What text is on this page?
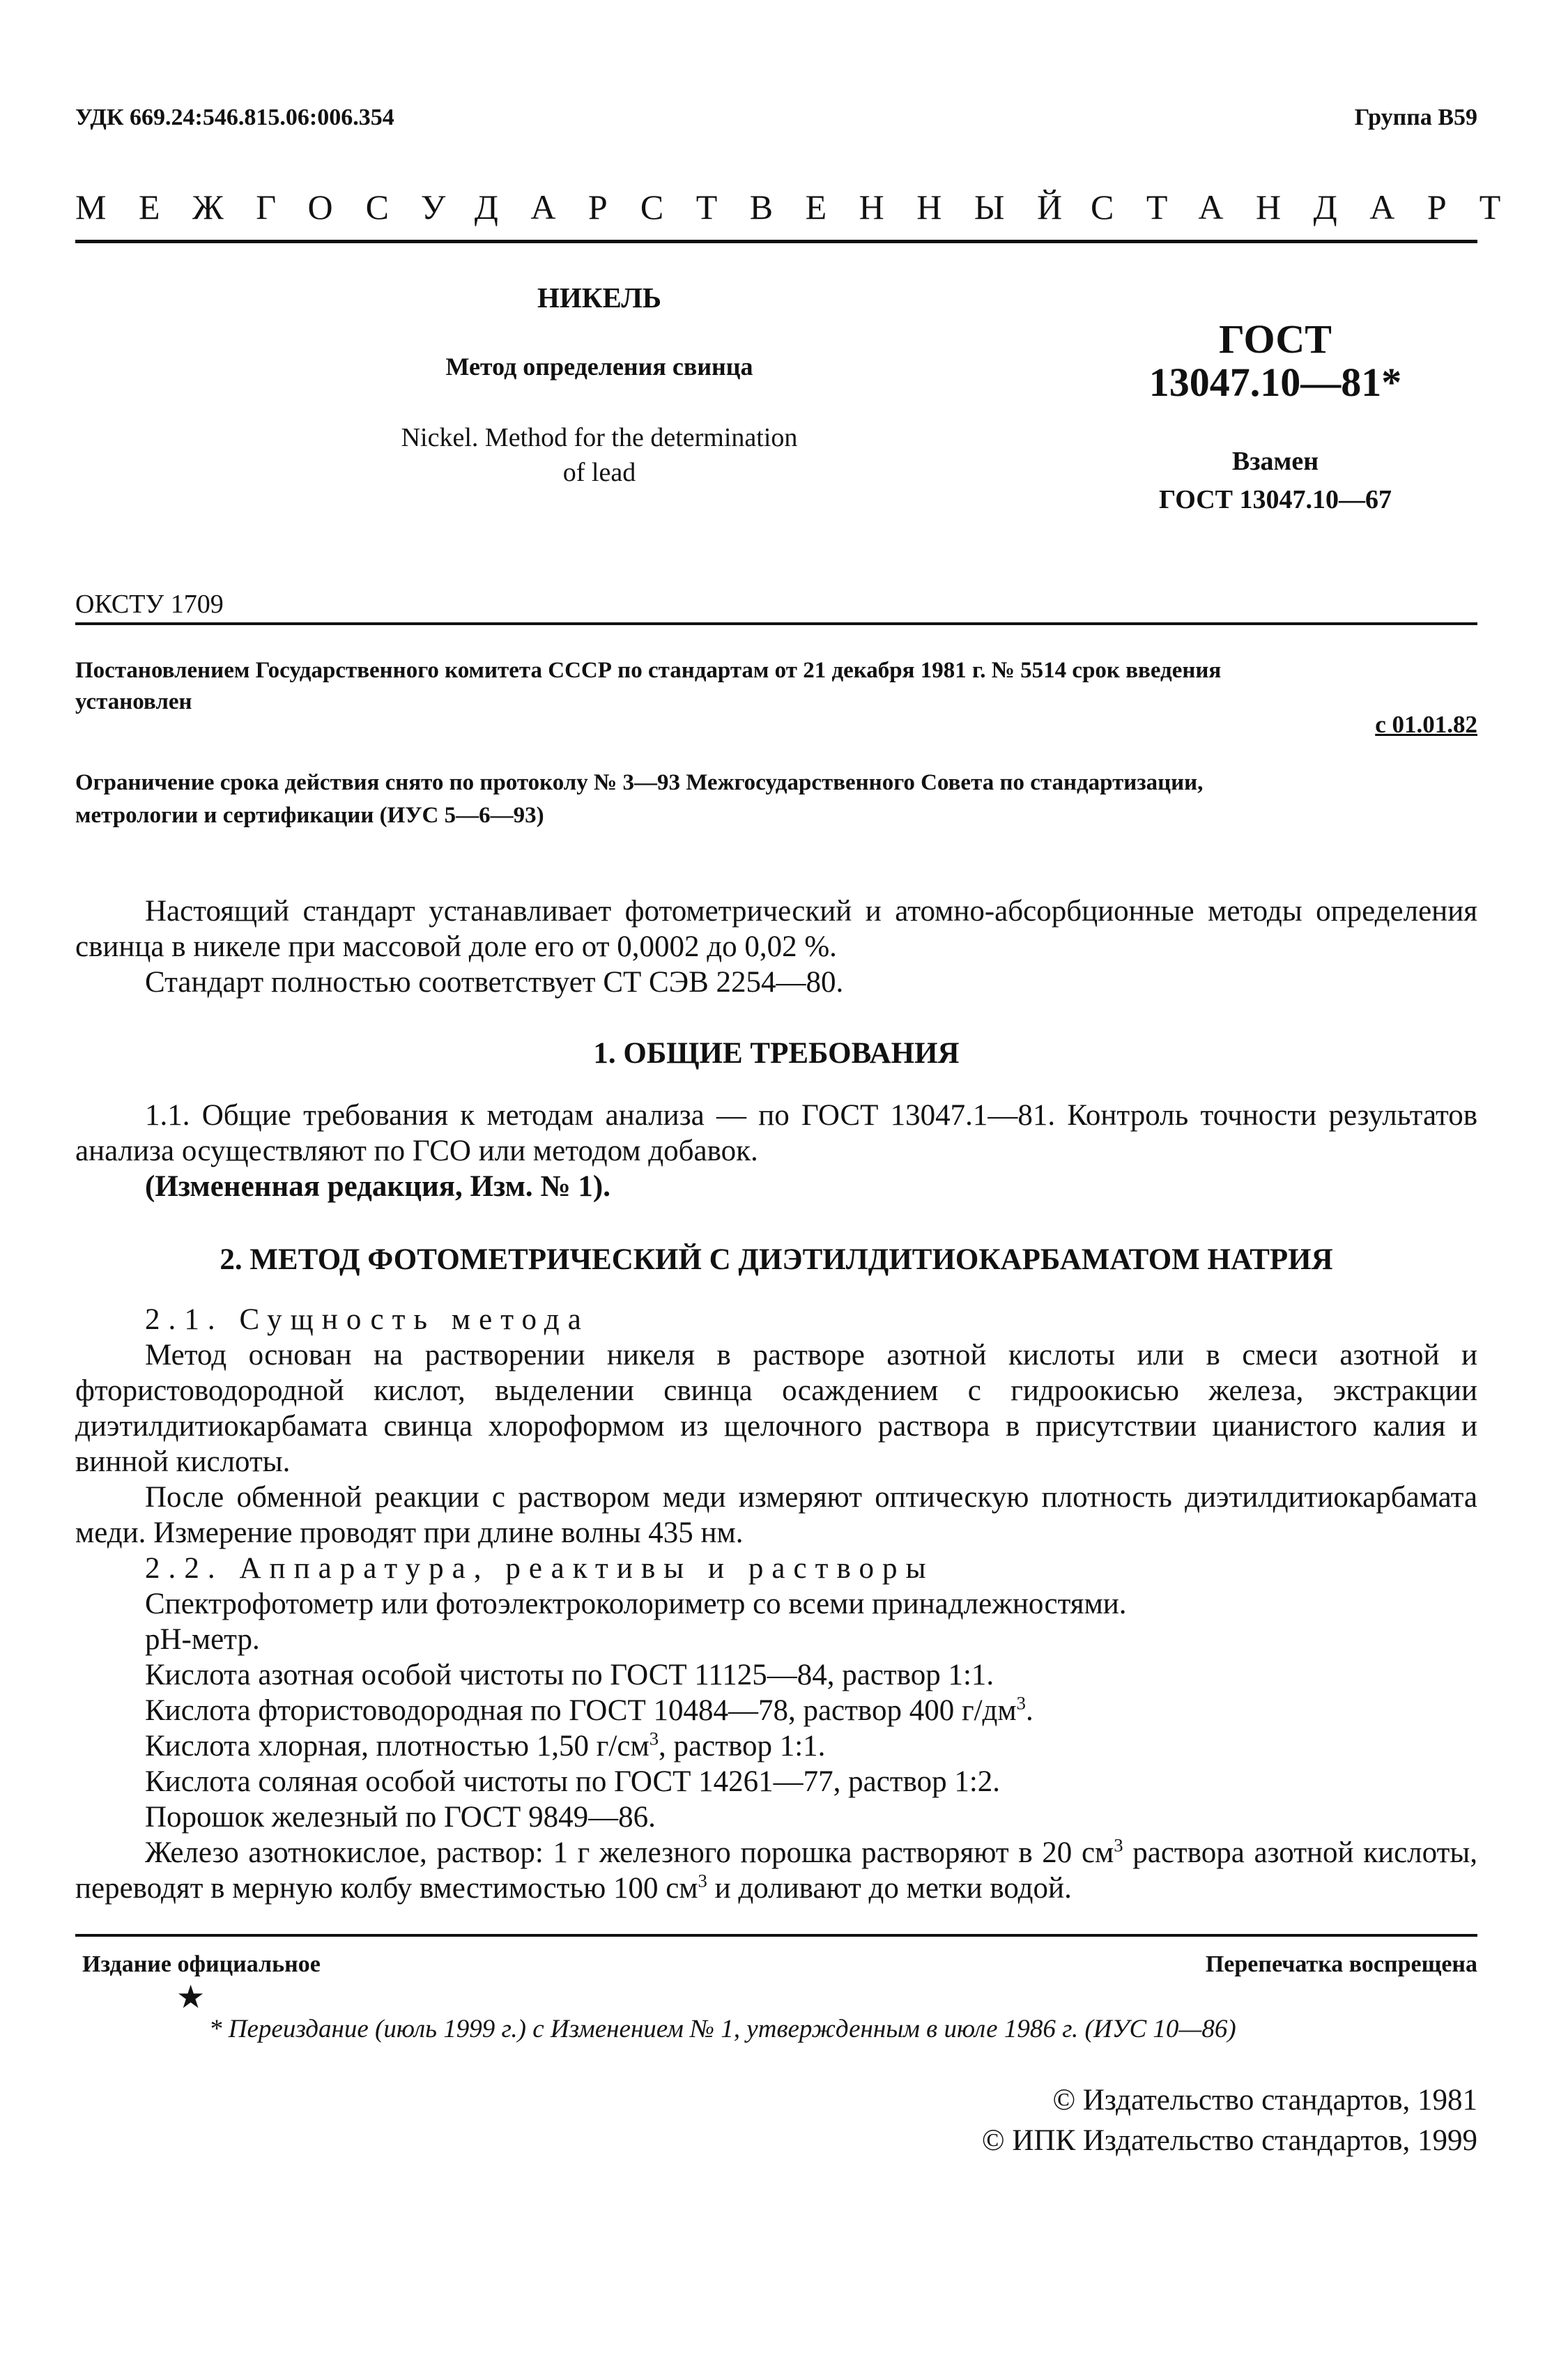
УДК 669.24:546.815.06:006.354	Группа В59
МЕЖГОСУДАРСТВЕННЫЙ
СТАНДАРТ
НИКЕЛЬ
Метод определения свинца
Nickel. Method for the determination
of lead
ГОСТ
13047.10—81*
Взамен
ГОСТ 13047.10—67
ОКСТУ 1709
Постановлением Государственного комитета СССР по стандартам от 21 декабря 1981 г. № 5514 срок введения
установлен
с 01.01.82
Ограничение срока действия снято по протоколу № 3—93 Межгосударственного Совета по стандартизации,
метрологии и сертификации (ИУС 5—6—93)

Настоящий стандарт устанавливает фотометрический и атомно-абсорбционные методы определения свинца в никеле при массовой доле его от 0,0002 до 0,02 %.

Стандарт полностью соответствует СТ СЭВ 2254—80.

1. ОБЩИЕ ТРЕБОВАНИЯ

1.1. Общие требования к методам анализа — по ГОСТ 13047.1—81. Контроль точности результатов анализа осуществляют по ГСО или методом добавок.

(Измененная редакция, Изм. № 1).

2. МЕТОД ФОТОМЕТРИЧЕСКИЙ С ДИЭТИЛДИТИОКАРБАМАТОМ НАТРИЯ

2.1. Сущность метода

Метод основан на растворении никеля в растворе азотной кислоты или в смеси азотной и фтористоводородной кислот, выделении свинца осаждением с гидроокисью железа, экстракции диэтилдитиокарбамата свинца хлороформом из щелочного раствора в присутствии цианистого калия и винной кислоты.

После обменной реакции с раствором меди измеряют оптическую плотность диэтилдитиокарбамата меди. Измерение проводят при длине волны 435 нм.

2.2. Аппаратура, реактивы и растворы

Спектрофотометр или фотоэлектроколориметр со всеми принадлежностями.

рН-метр.

Кислота азотная особой чистоты по ГОСТ 11125—84, раствор 1:1.

Кислота фтористоводородная по ГОСТ 10484—78, раствор 400 $г/дм^3$.

Кислота хлорная, плотностью 1,50 $г/см^3$, раствор 1:1.

Кислота соляная особой чистоты по ГОСТ 14261—77, раствор 1:2.

Порошок железный по ГОСТ 9849—86.

Железо азотнокислое, раствор: 1 г железного порошка растворяют в 20 $см^3$ раствора азотной кислоты, переводят в мерную колбу вместимостью 100 $см^3$ и доливают до метки водой.

Издание официальное	Перепечатка воспрещена
★
* Переиздание (июль 1999 г.) с Изменением № 1, утвержденным в июле 1986 г. (ИУС 10—86)
© Издательство стандартов, 1981
© ИПК Издательство стандартов, 1999
